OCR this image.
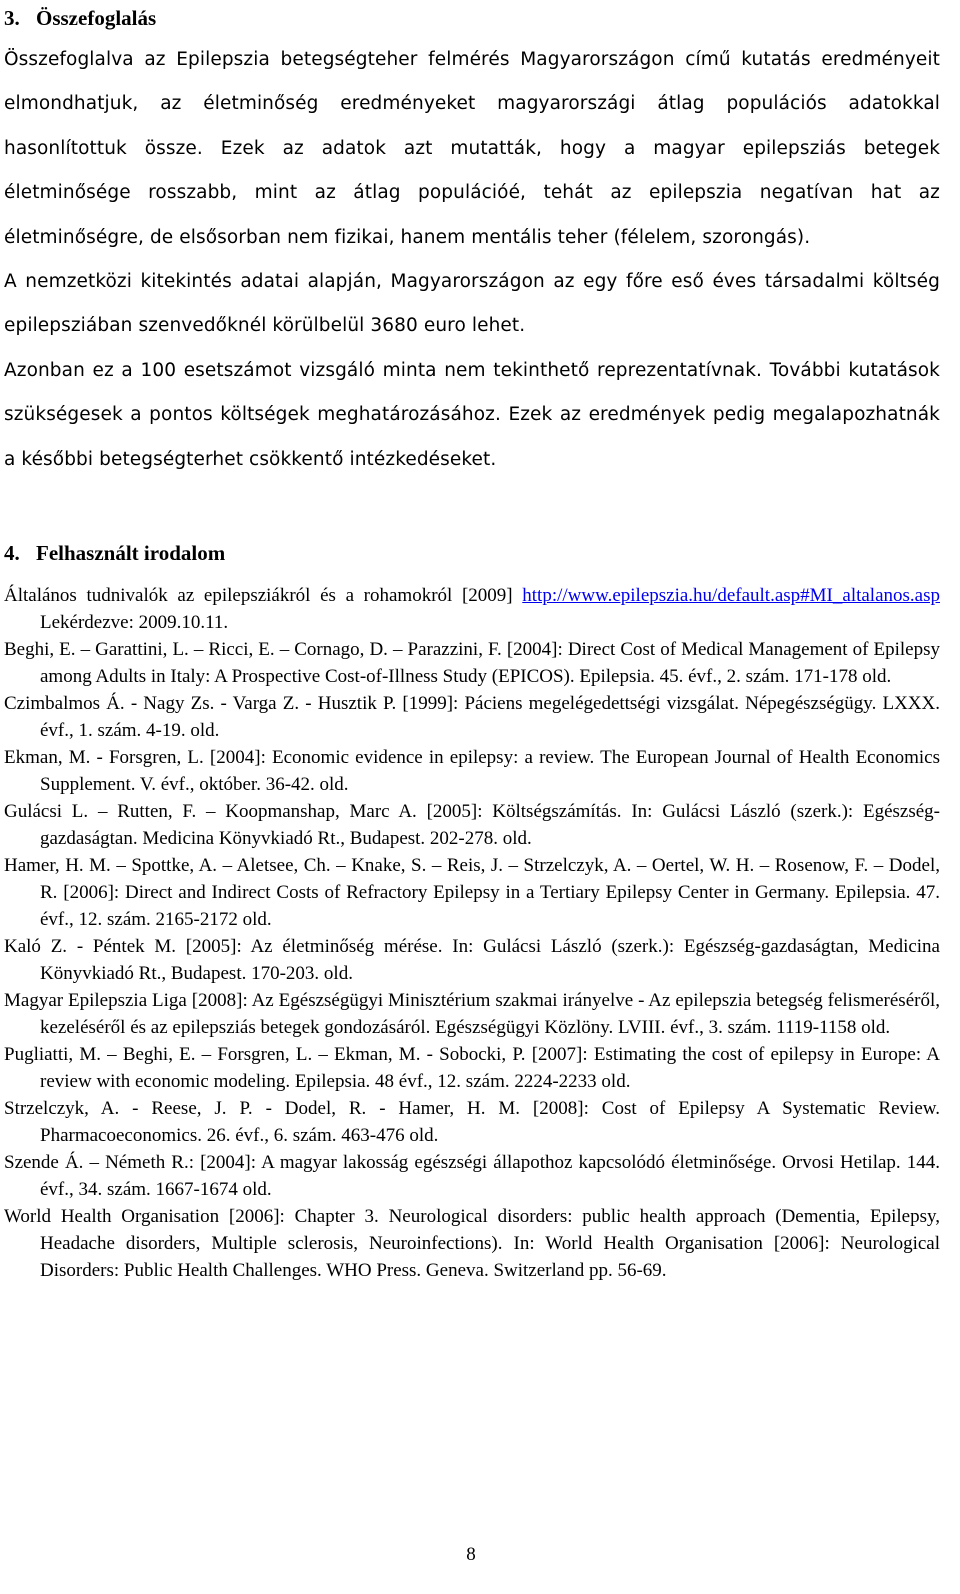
3. Összefoglalás

Összefoglalva az Epilepszia betegségteher felmérés Magyarországon című kutatás eredményeit elmondhatjuk, az életminőség eredményeket magyarországi átlag populációs adatokkal hasonlítottuk össze. Ezek az adatok azt mutatták, hogy a magyar epilepsziás betegek életminősége rosszabb, mint az átlag populációé, tehát az epilepszia negatívan hat az életminőségre, de elsősorban nem fizikai, hanem mentális teher (félelem, szorongás).
A nemzetközi kitekintés adatai alapján, Magyarországon az egy főre eső éves társadalmi költség epilepsziában szenvedőknél körülbelül 3680 euro lehet.
Azonban ez a 100 esetszámot vizsgáló minta nem tekinthető reprezentatívnak. További kutatások szükségesek a pontos költségek meghatározásához. Ezek az eredmények pedig megalapozhatnák a későbbi betegségterhet csökkentő intézkedéseket.

4. Felhasznált irodalom

Általános tudnivalók az epilepsziákról és a rohamokról [2009] http://www.epilepszia.hu/default.asp#MI_altalanos.asp Lekérdezve: 2009.10.11.

Beghi, E. – Garattini, L. – Ricci, E. – Cornago, D. – Parazzini, F. [2004]: Direct Cost of Medical Management of Epilepsy among Adults in Italy: A Prospective Cost-of-Illness Study (EPICOS). Epilepsia. 45. évf., 2. szám. 171-178 old.

Czimbalmos Á. - Nagy Zs. - Varga Z. - Husztik P. [1999]: Páciens megelégedettségi vizsgálat. Népegészségügy. LXXX. évf., 1. szám. 4-19. old.

Ekman, M. - Forsgren, L. [2004]: Economic evidence in epilepsy: a review. The European Journal of Health Economics Supplement. V. évf., október. 36-42. old.

Gulácsi L. – Rutten, F. – Koopmanshap, Marc A. [2005]: Költségszámítás. In: Gulácsi László (szerk.): Egészség-gazdaságtan. Medicina Könyvkiadó Rt., Budapest. 202-278. old.

Hamer, H. M. – Spottke, A. – Aletsee, Ch. – Knake, S. – Reis, J. – Strzelczyk, A. – Oertel, W. H. – Rosenow, F. – Dodel, R. [2006]: Direct and Indirect Costs of Refractory Epilepsy in a Tertiary Epilepsy Center in Germany. Epilepsia. 47. évf., 12. szám. 2165-2172 old.

Kaló Z. - Péntek M. [2005]: Az életminőség mérése. In: Gulácsi László (szerk.): Egészség-gazdaságtan, Medicina Könyvkiadó Rt., Budapest. 170-203. old.

Magyar Epilepszia Liga [2008]: Az Egészségügyi Minisztérium szakmai irányelve - Az epilepszia betegség felismeréséről, kezeléséről és az epilepsziás betegek gondozásáról. Egészségügyi Közlöny. LVIII. évf., 3. szám. 1119-1158 old.

Pugliatti, M. – Beghi, E. – Forsgren, L. – Ekman, M. - Sobocki, P. [2007]: Estimating the cost of epilepsy in Europe: A review with economic modeling. Epilepsia. 48 évf., 12. szám. 2224-2233 old.

Strzelczyk, A. - Reese, J. P. - Dodel, R. - Hamer, H. M. [2008]: Cost of Epilepsy A Systematic Review. Pharmacoeconomics. 26. évf., 6. szám. 463-476 old.

Szende Á. – Németh R.: [2004]: A magyar lakosság egészségi állapothoz kapcsolódó életminősége. Orvosi Hetilap. 144. évf., 34. szám. 1667-1674 old.

World Health Organisation [2006]: Chapter 3. Neurological disorders: public health approach (Dementia, Epilepsy, Headache disorders, Multiple sclerosis, Neuroinfections). In: World Health Organisation [2006]: Neurological Disorders: Public Health Challenges. WHO Press. Geneva. Switzerland pp. 56-69.

8
